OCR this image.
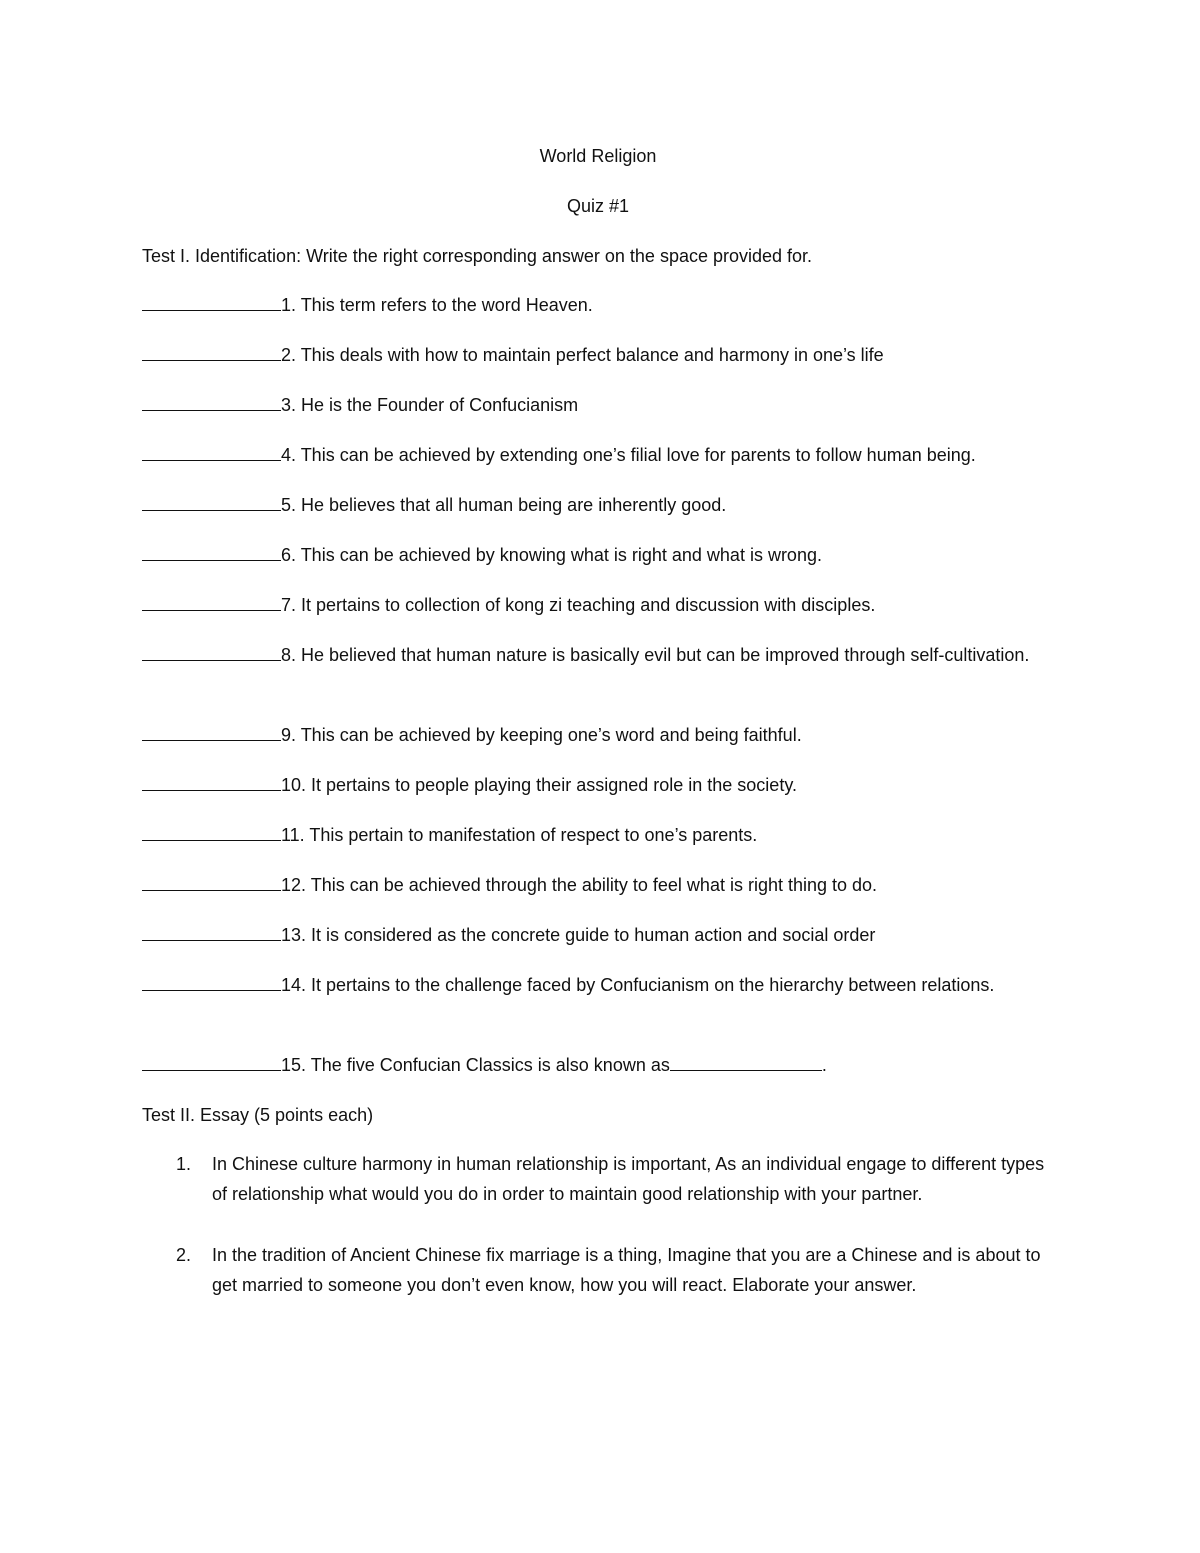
World Religion
Quiz #1
Test I. Identification: Write the right corresponding answer on the space provided for.
1. This term refers to the word Heaven.
2. This deals with how to maintain perfect balance and harmony in one’s life
3. He is the Founder of Confucianism
4. This can be achieved by extending one’s filial love for parents to follow human being.
5. He believes that all human being are inherently good.
6. This can be achieved by knowing what is right and what is wrong.
7. It pertains to collection of kong zi teaching and discussion with disciples.
8. He believed that human nature is basically evil but can be improved through self-cultivation.
9. This can be achieved by keeping one’s word and being faithful.
10. It pertains to people playing their assigned role in the society.
11. This pertain to manifestation of respect to one’s parents.
12. This can be achieved through the ability to feel what is right thing to do.
13. It is considered as the concrete guide to human action and social order
14. It pertains to the challenge faced by Confucianism on the hierarchy between relations.
15. The five Confucian Classics is also known as	.
Test II. Essay (5 points each)
1. In Chinese culture harmony in human relationship is important, As an individual engage to different types of relationship what would you do in order to maintain good relationship with your partner.
2. In the tradition of Ancient Chinese fix marriage is a thing, Imagine that you are a Chinese and is about to get married to someone you don’t even know, how you will react. Elaborate your answer.
